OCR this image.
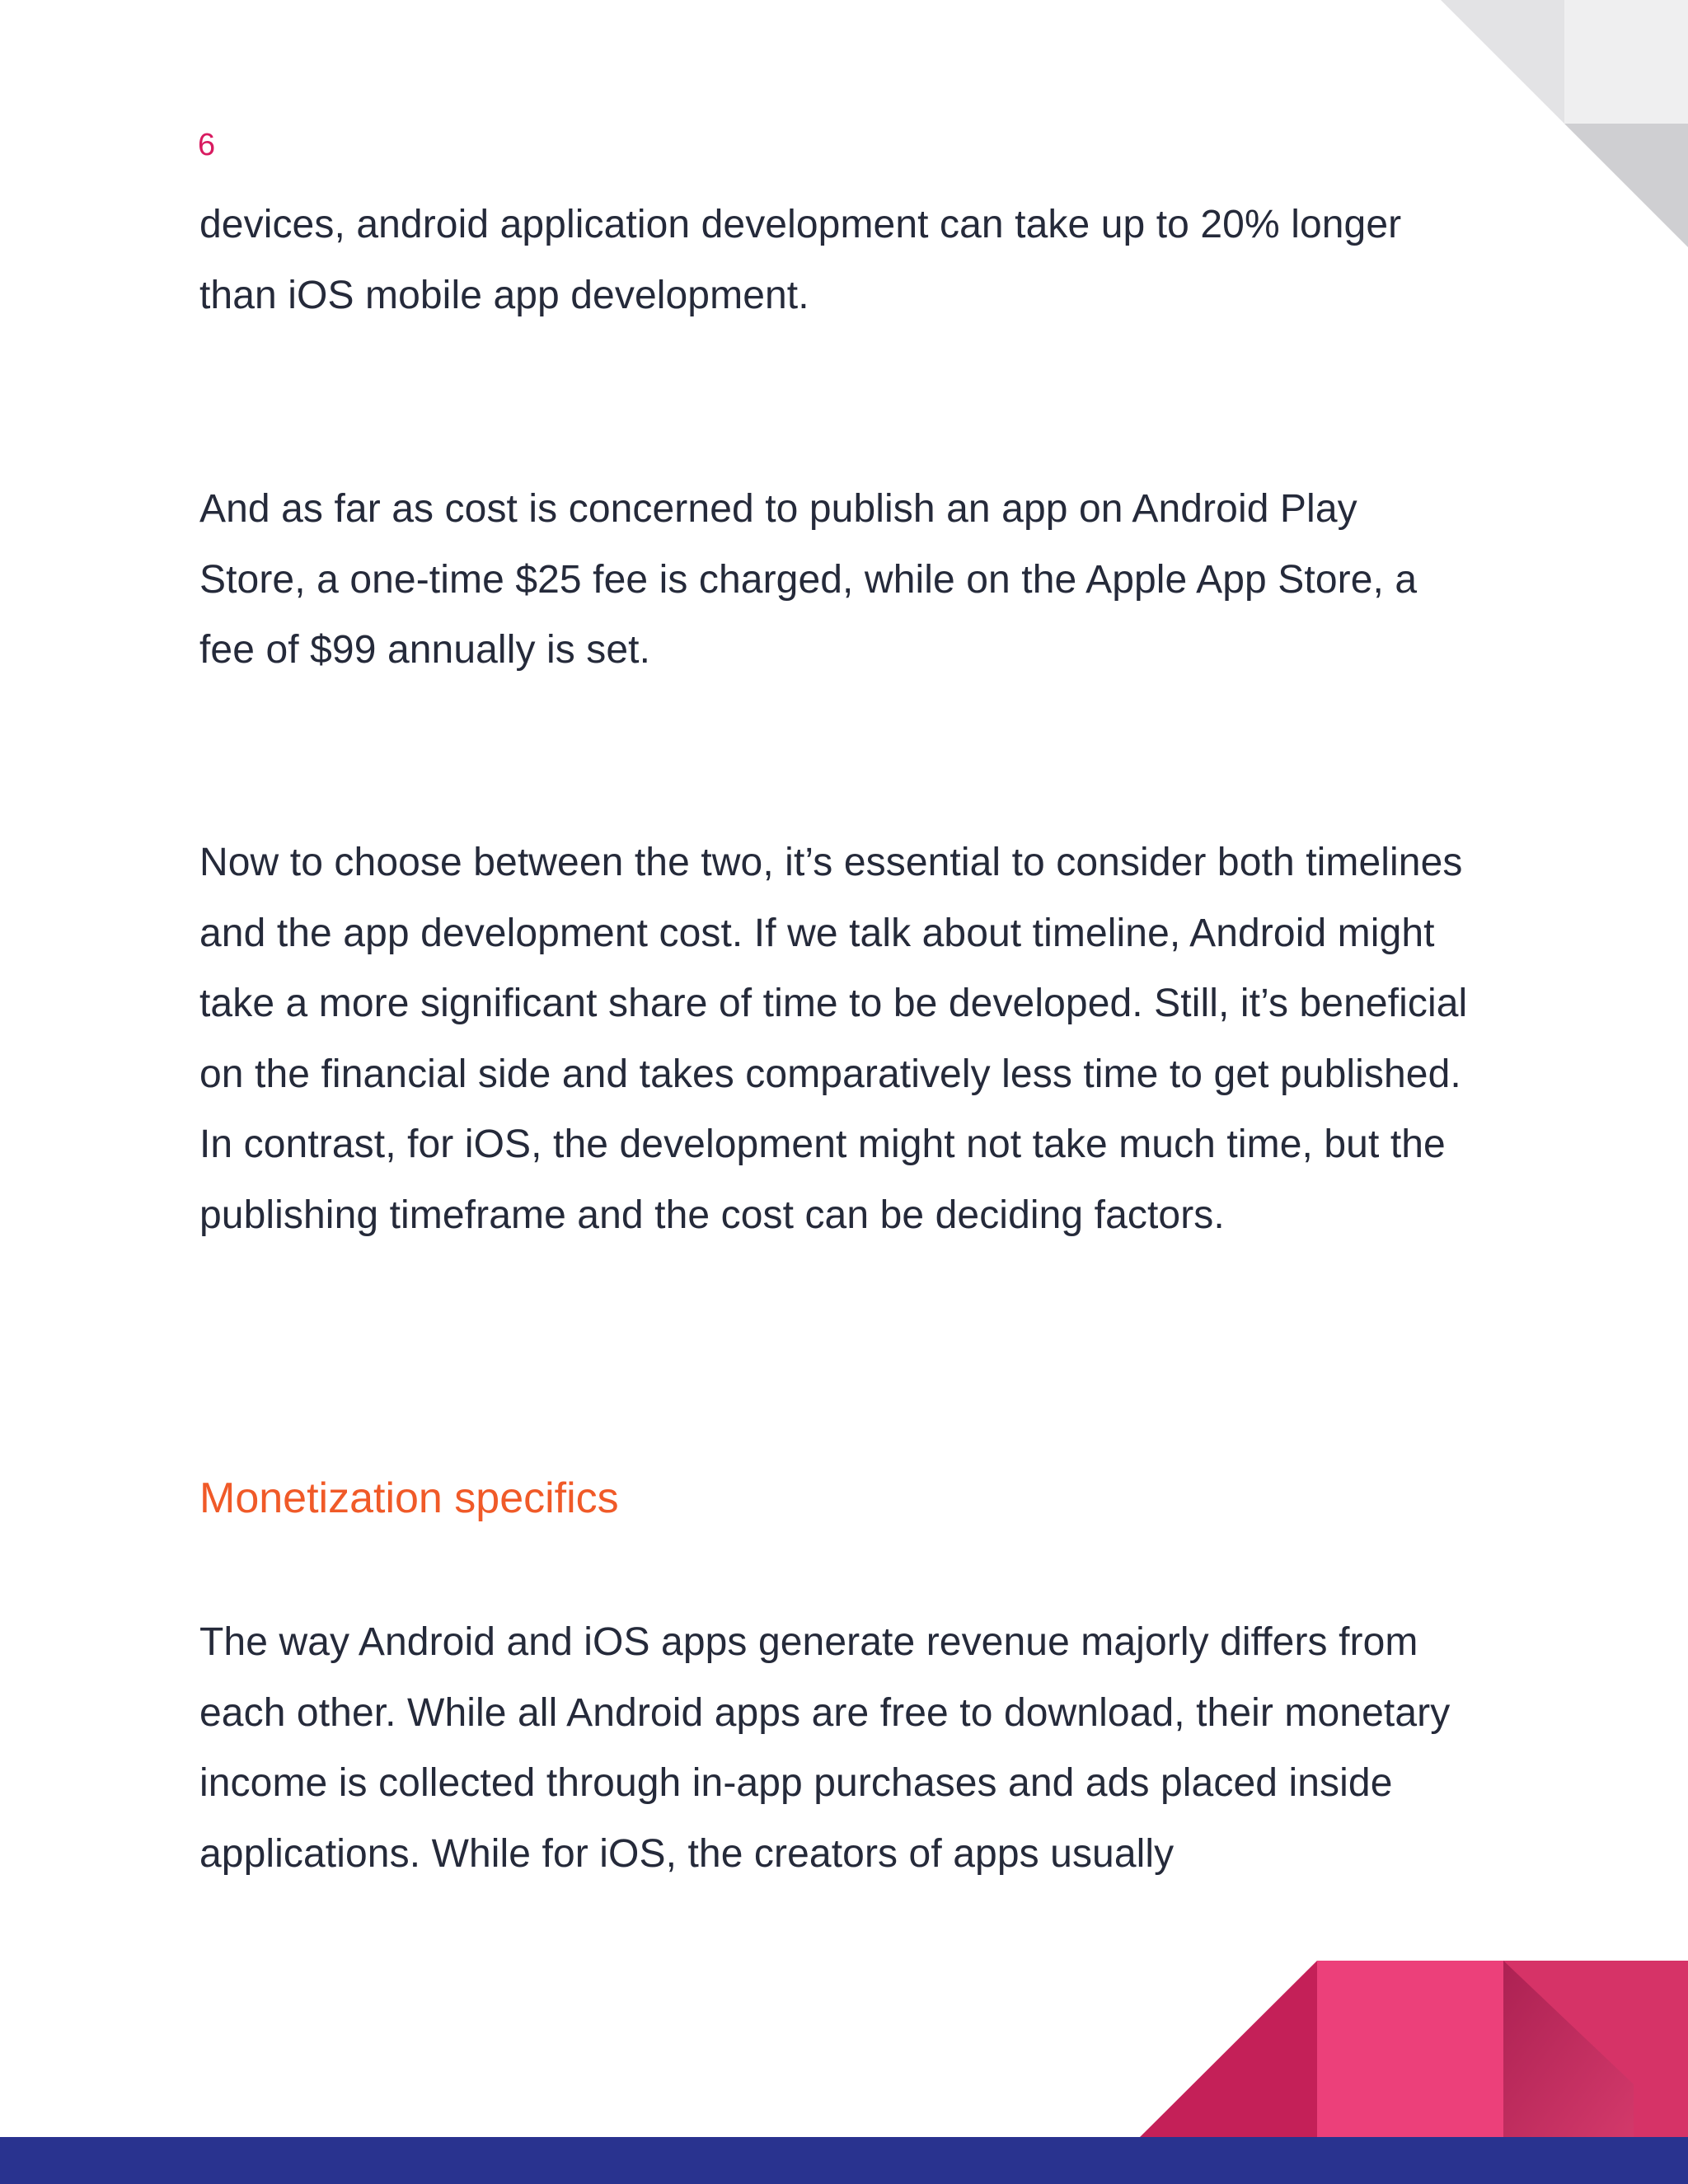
6

devices, android application development can take up to 20% longer than iOS mobile app development.

And as far as cost is concerned to publish an app on Android Play Store, a one-time $25 fee is charged, while on the Apple App Store, a fee of $99 annually is set.

Now to choose between the two, it’s essential to consider both timelines and the app development cost. If we talk about timeline, Android might take a more significant share of time to be developed. Still, it’s beneficial on the financial side and takes comparatively less time to get published. In contrast, for iOS, the development might not take much time, but the publishing timeframe and the cost can be deciding factors.

Monetization specifics

The way Android and iOS apps generate revenue majorly differs from each other. While all Android apps are free to download, their monetary income is collected through in-app purchases and ads placed inside applications. While for iOS, the creators of apps usually
